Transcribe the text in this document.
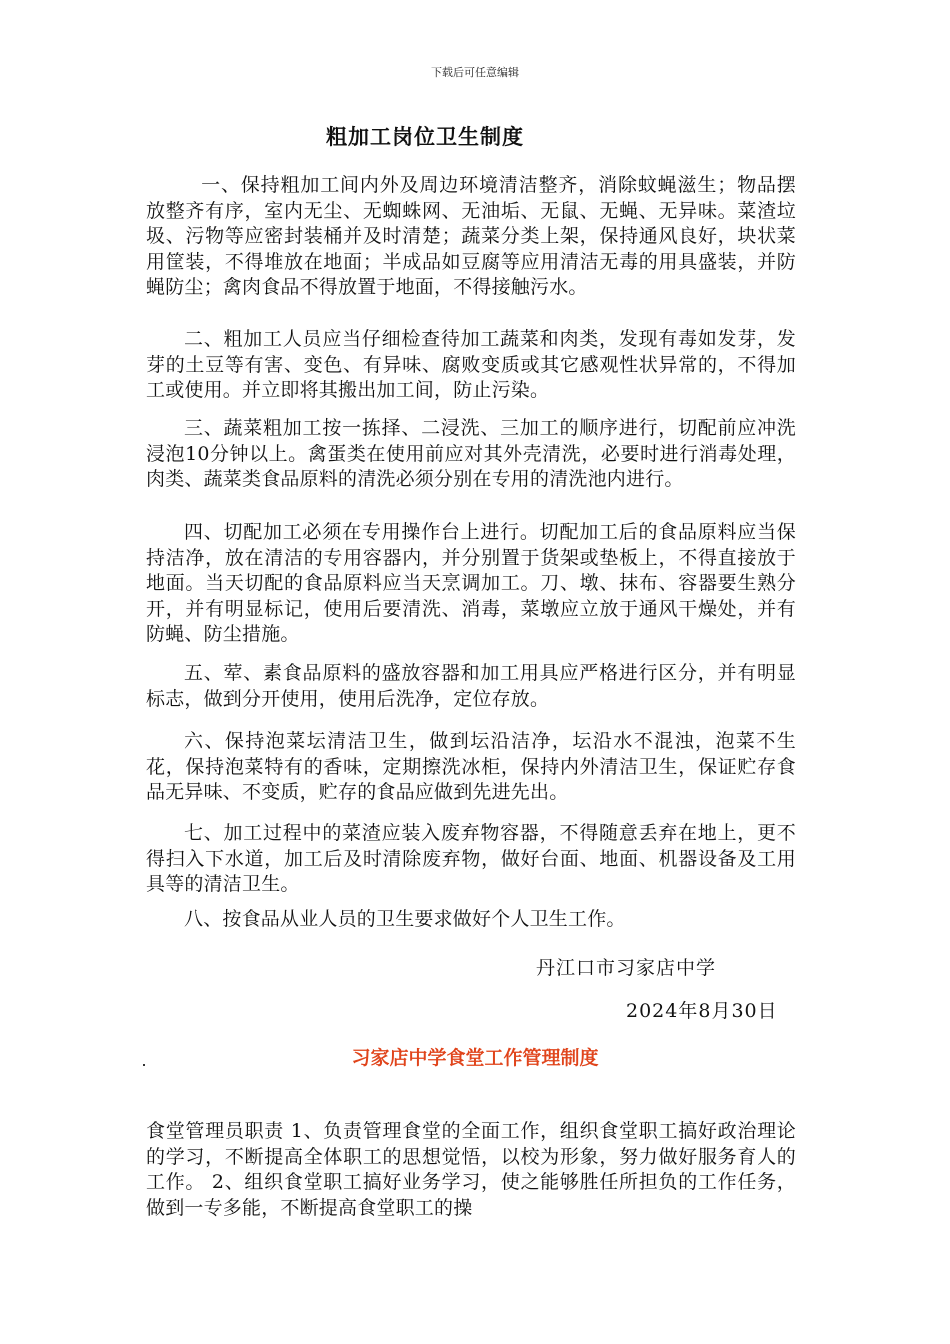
下载后可任意编辑
粗加工岗位卫生制度

一、保持粗加工间内外及周边环境清洁整齐，消除蚊蝇滋生；物品摆放整齐有序，室内无尘、无蜘蛛网、无油垢、无鼠、无蝇、无异味。菜渣垃圾、污物等应密封装桶并及时清楚；蔬菜分类上架，保持通风良好，块状菜用筐装，不得堆放在地面；半成品如豆腐等应用清洁无毒的用具盛装，并防蝇防尘；禽肉食品不得放置于地面，不得接触污水。

二、粗加工人员应当仔细检查待加工蔬菜和肉类，发现有毒如发芽，发芽的土豆等有害、变色、有异味、腐败变质或其它感观性状异常的，不得加工或使用。并立即将其搬出加工间，防止污染。

三、蔬菜粗加工按一拣择、二浸洗、三加工的顺序进行，切配前应冲洗浸泡10分钟以上。禽蛋类在使用前应对其外壳清洗，必要时进行消毒处理，肉类、蔬菜类食品原料的清洗必须分别在专用的清洗池内进行。

四、切配加工必须在专用操作台上进行。切配加工后的食品原料应当保持洁净，放在清洁的专用容器内，并分别置于货架或垫板上，不得直接放于地面。当天切配的食品原料应当天烹调加工。刀、墩、抹布、容器要生熟分开，并有明显标记，使用后要清洗、消毒，菜墩应立放于通风干燥处，并有防蝇、防尘措施。

五、荤、素食品原料的盛放容器和加工用具应严格进行区分，并有明显标志，做到分开使用，使用后洗净，定位存放。

六、保持泡菜坛清洁卫生，做到坛沿洁净，坛沿水不混浊，泡菜不生花，保持泡菜特有的香味，定期擦洗冰柜，保持内外清洁卫生，保证贮存食品无异味、不变质，贮存的食品应做到先进先出。

七、加工过程中的菜渣应装入废弃物容器，不得随意丢弃在地上，更不得扫入下水道，加工后及时清除废弃物，做好台面、地面、机器设备及工用具等的清洁卫生。

八、按食品从业人员的卫生要求做好个人卫生工作。

丹江口市习家店中学
2024年8月30日
习家店中学食堂工作管理制度

食堂管理员职责 1、负责管理食堂的全面工作，组织食堂职工搞好政治理论的学习，不断提高全体职工的思想觉悟，以校为形象，努力做好服务育人的工作。 2、组织食堂职工搞好业务学习，使之能够胜任所担负的工作任务，做到一专多能，不断提高食堂职工的操
